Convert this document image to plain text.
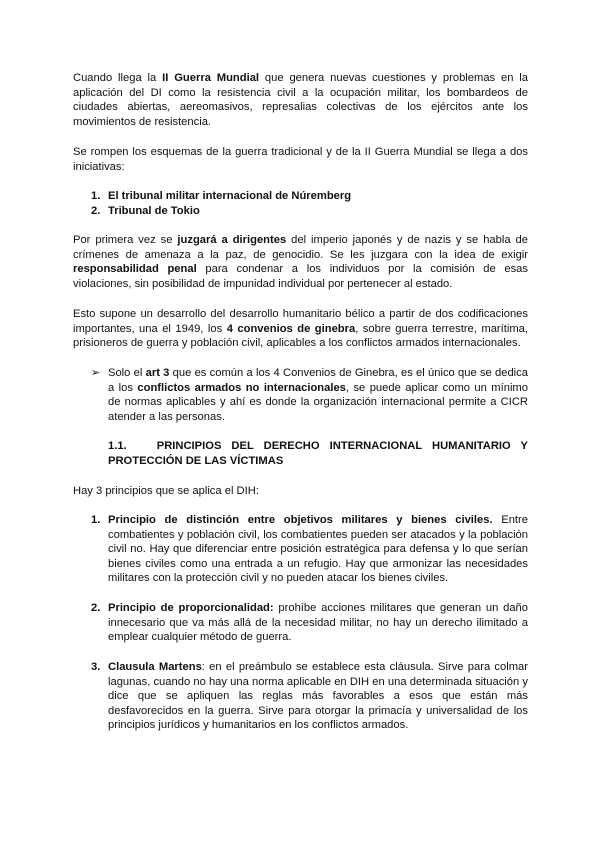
Cuando llega la II Guerra Mundial que genera nuevas cuestiones y problemas en la aplicación del DI como la resistencia civil a la ocupación militar, los bombardeos de ciudades abiertas, aereomasivos, represalias colectivas de los ejércitos ante los movimientos de resistencia.

Se rompen los esquemas de la guerra tradicional y de la II Guerra Mundial se llega a dos iniciativas:

1. El tribunal militar internacional de Núremberg
2. Tribunal de Tokio

Por primera vez se juzgará a dirigentes del imperio japonés y de nazis y se habla de crímenes de amenaza a la paz, de genocidio. Se les juzgara con la idea de exigir responsabilidad penal para condenar a los individuos por la comisión de esas violaciones, sin posibilidad de impunidad individual por pertenecer al estado.

Esto supone un desarrollo del desarrollo humanitario bélico a partir de dos codificaciones importantes, una el 1949, los 4 convenios de ginebra, sobre guerra terrestre, marítima, prisioneros de guerra y población civil, aplicables a los conflictos armados internacionales.

➢ Solo el art 3 que es común a los 4 Convenios de Ginebra, es el único que se dedica a los conflictos armados no internacionales, se puede aplicar como un mínimo de normas aplicables y ahí es donde la organización internacional permite a CICR atender a las personas.

1.1.	PRINCIPIOS DEL DERECHO INTERNACIONAL HUMANITARIO Y PROTECCIÓN DE LAS VÍCTIMAS

Hay 3 principios que se aplica el DIH:

1. Principio de distinción entre objetivos militares y bienes civiles. Entre combatientes y población civil, los combatientes pueden ser atacados y la población civil no. Hay que diferenciar entre posición estratégica para defensa y lo que serían bienes civiles como una entrada a un refugio. Hay que armonizar las necesidades militares con la protección civil y no pueden atacar los bienes civiles.

2. Principio de proporcionalidad: prohíbe acciones militares que generan un daño innecesario que va más allá de la necesidad militar, no hay un derecho ilimitado a emplear cualquier método de guerra.

3. Clausula Martens: en el preámbulo se establece esta cláusula. Sirve para colmar lagunas, cuando no hay una norma aplicable en DIH en una determinada situación y dice que se apliquen las reglas más favorables a esos que están más desfavorecidos en la guerra. Sirve para otorgar la primacía y universalidad de los principios jurídicos y humanitarios en los conflictos armados.
